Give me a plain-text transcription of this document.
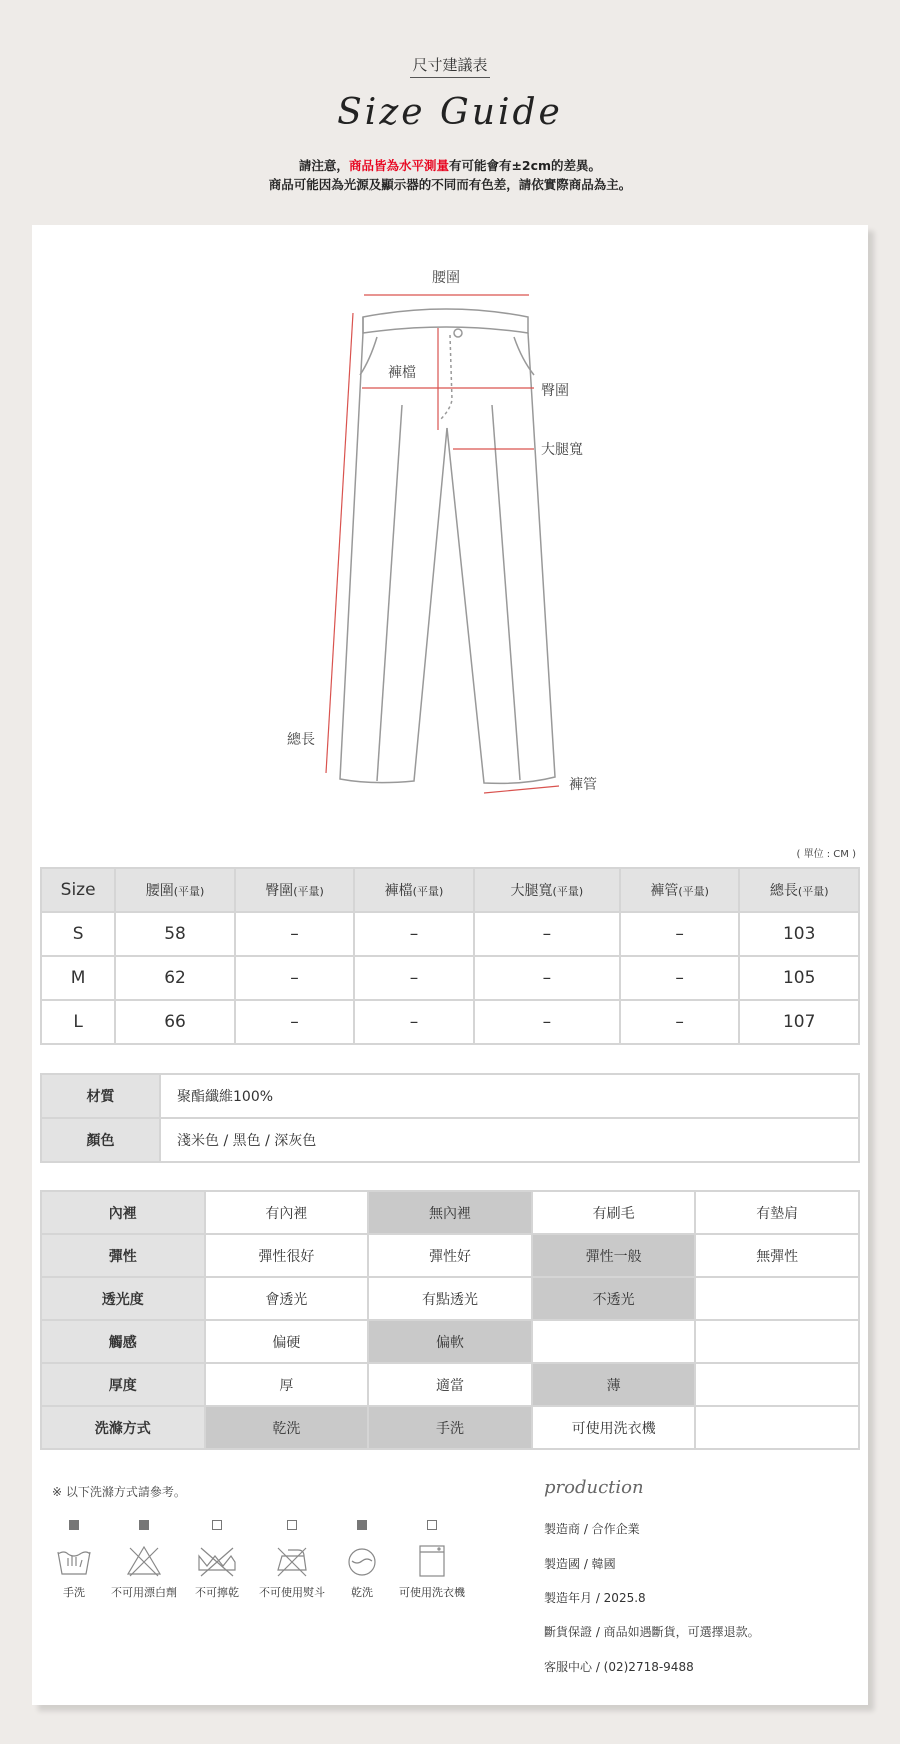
尺寸建議表
Size Guide
請注意，商品皆為水平測量有可能會有±2cm的差異。
商品可能因為光源及顯示器的不同而有色差，請依實際商品為主。
腰圍
褲檔
臀圍
大腿寬
總長
褲管
( 單位 : CM )
Size	腰圍(平量)	臀圍(平量)	褲檔(平量)	大腿寬(平量)	褲管(平量)	總長(平量)
S	58	–	–	–	–	103
M	62	–	–	–	–	105
L	66	–	–	–	–	107
材質	聚酯纖維100%
顏色	淺米色 / 黑色 / 深灰色
內裡	有內裡	無內裡	有刷毛	有墊肩
彈性	彈性很好	彈性好	彈性一般	無彈性
透光度	會透光	有點透光	不透光	
觸感	偏硬	偏軟		
厚度	厚	適當	薄	
洗滌方式	乾洗	手洗	可使用洗衣機	
※ 以下洗滌方式請參考。
手洗	不可用漂白劑	不可擰乾	不可使用熨斗	乾洗	可使用洗衣機
production
製造商 / 合作企業
製造國 / 韓國
製造年月 / 2025.8
斷貨保證 / 商品如遇斷貨，可選擇退款。
客服中心 / (02)2718-9488
